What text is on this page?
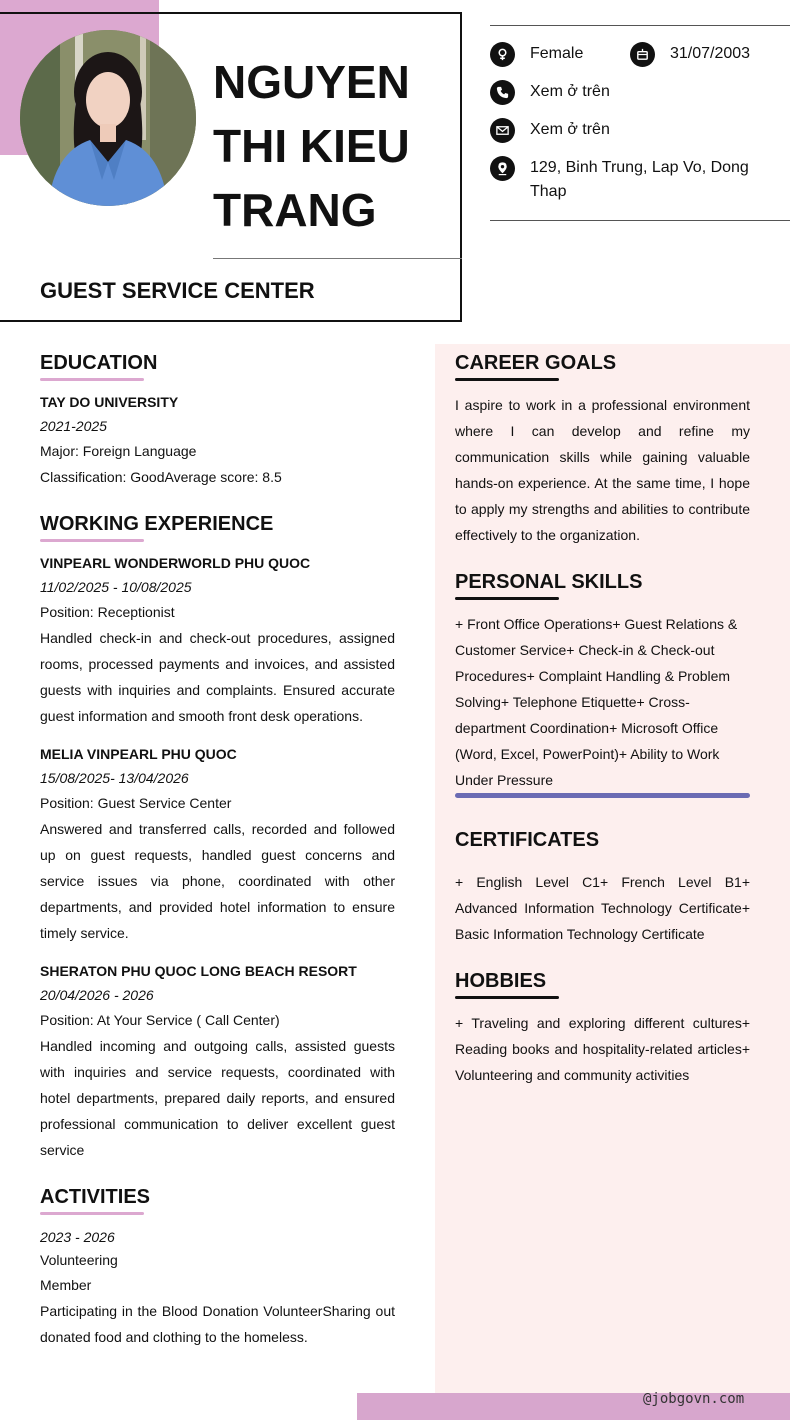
NGUYEN THI KIEU TRANG
GUEST SERVICE CENTER
Female	31/07/2003
Xem ở trên
Xem ở trên
129, Binh Trung, Lap Vo, Dong Thap
EDUCATION
TAY DO UNIVERSITY
2021-2025
Major: Foreign Language
Classification: GoodAverage score: 8.5
WORKING EXPERIENCE
VINPEARL WONDERWORLD PHU QUOC
11/02/2025 - 10/08/2025
Position: Receptionist
Handled check-in and check-out procedures, assigned rooms, processed payments and invoices, and assisted guests with inquiries and complaints. Ensured accurate guest information and smooth front desk operations.
MELIA VINPEARL PHU QUOC
15/08/2025- 13/04/2026
Position: Guest Service Center
Answered and transferred calls, recorded and followed up on guest requests, handled guest concerns and service issues via phone, coordinated with other departments, and provided hotel information to ensure timely service.
SHERATON PHU QUOC LONG BEACH RESORT
20/04/2026 - 2026
Position: At Your Service ( Call Center)
Handled incoming and outgoing calls, assisted guests with inquiries and service requests, coordinated with hotel departments, prepared daily reports, and ensured professional communication to deliver excellent guest service
ACTIVITIES
2023 - 2026
Volunteering
Member
Participating in the Blood Donation VolunteerSharing out donated food and clothing to the homeless.
CAREER GOALS
I aspire to work in a professional environment where I can develop and refine my communication skills while gaining valuable hands-on experience. At the same time, I hope to apply my strengths and abilities to contribute effectively to the organization.
PERSONAL SKILLS
+ Front Office Operations+ Guest Relations & Customer Service+ Check-in & Check-out Procedures+ Complaint Handling & Problem Solving+ Telephone Etiquette+ Cross-department Coordination+ Microsoft Office (Word, Excel, PowerPoint)+ Ability to Work Under Pressure
CERTIFICATES
+ English Level C1+ French Level B1+ Advanced Information Technology Certificate+ Basic Information Technology Certificate
HOBBIES
+ Traveling and exploring different cultures+ Reading books and hospitality-related articles+ Volunteering and community activities
@jobgovn.com
